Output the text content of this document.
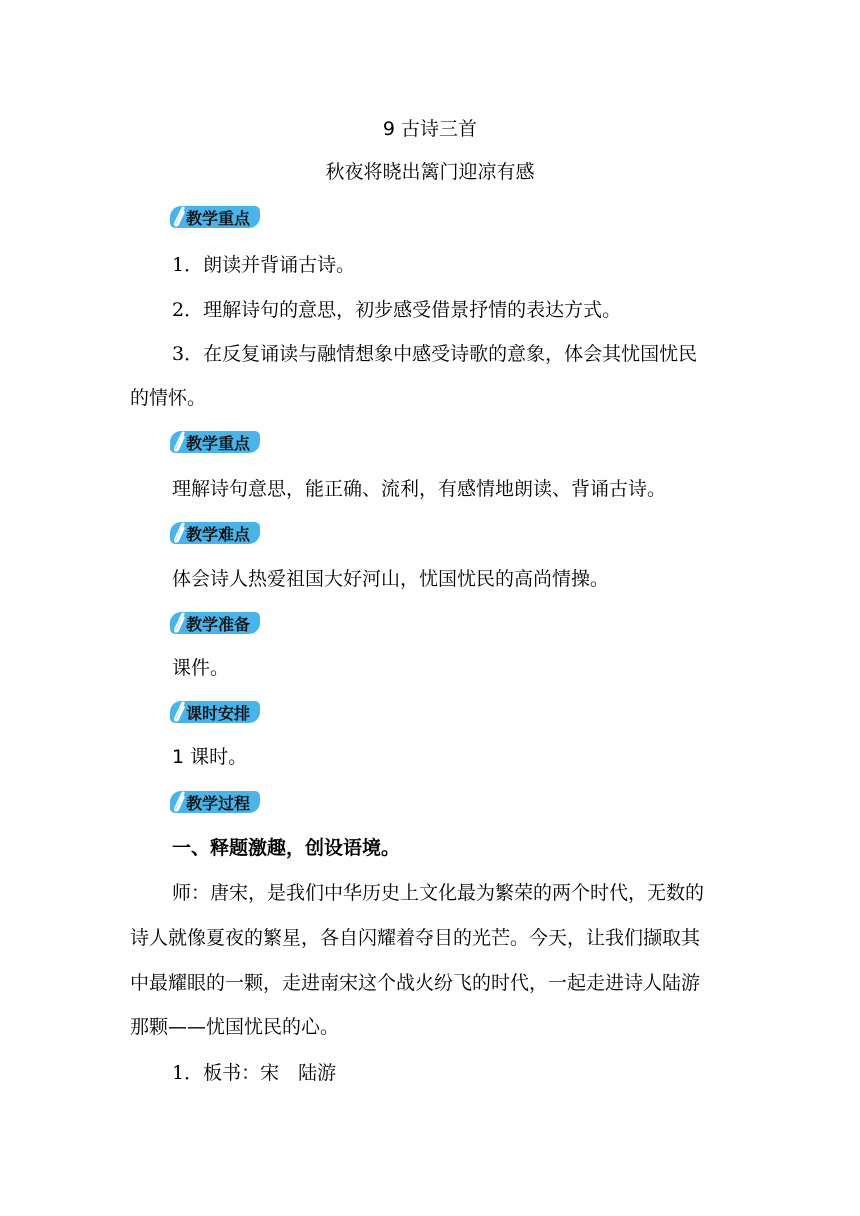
9 古诗三首
秋夜将晓出篱门迎凉有感
教学重点
1．朗读并背诵古诗。
2．理解诗句的意思，初步感受借景抒情的表达方式。
3．在反复诵读与融情想象中感受诗歌的意象，体会其忧国忧民
的情怀。
教学重点
理解诗句意思，能正确、流利，有感情地朗读、背诵古诗。
教学难点
体会诗人热爱祖国大好河山，忧国忧民的高尚情操。
教学准备
课件。
课时安排
1 课时。
教学过程
一、释题激趣，创设语境。
师：唐宋，是我们中华历史上文化最为繁荣的两个时代，无数的
诗人就像夏夜的繁星，各自闪耀着夺目的光芒。今天，让我们撷取其
中最耀眼的一颗，走进南宋这个战火纷飞的时代，一起走进诗人陆游
那颗——忧国忧民的心。
1．板书：宋　陆游
